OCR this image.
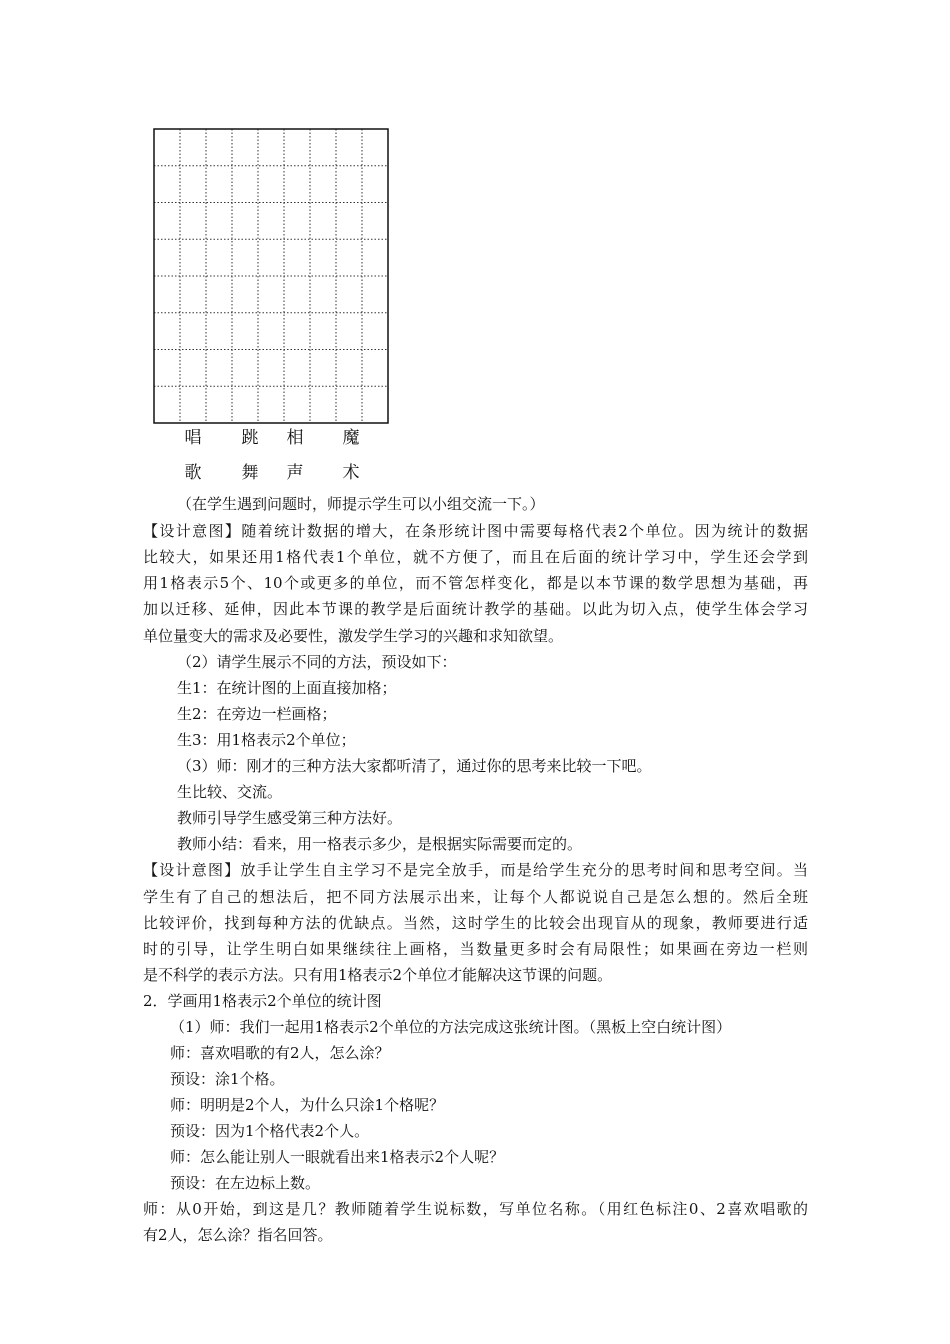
唱
歌
跳
舞
相
声
魔
术
（在学生遇到问题时，师提示学生可以小组交流一下。）
【设计意图】随着统计数据的增大，在条形统计图中需要每格代表2个单位。因为统计的数据
比较大，如果还用1格代表1个单位，就不方便了，而且在后面的统计学习中，学生还会学到
用1格表示5个、10个或更多的单位，而不管怎样变化，都是以本节课的数学思想为基础，再
加以迁移、延伸，因此本节课的教学是后面统计教学的基础。以此为切入点，使学生体会学习
单位量变大的需求及必要性，激发学生学习的兴趣和求知欲望。
（2）请学生展示不同的方法，预设如下：
生1：在统计图的上面直接加格；
生2：在旁边一栏画格；
生3：用1格表示2个单位；
（3）师：刚才的三种方法大家都听清了，通过你的思考来比较一下吧。
生比较、交流。
教师引导学生感受第三种方法好。
教师小结：看来，用一格表示多少，是根据实际需要而定的。
【设计意图】放手让学生自主学习不是完全放手，而是给学生充分的思考时间和思考空间。当
学生有了自己的想法后，把不同方法展示出来，让每个人都说说自己是怎么想的。然后全班
比较评价，找到每种方法的优缺点。当然，这时学生的比较会出现盲从的现象，教师要进行适
时的引导，让学生明白如果继续往上画格，当数量更多时会有局限性；如果画在旁边一栏则
是不科学的表示方法。只有用1格表示2个单位才能解决这节课的问题。
2．学画用1格表示2个单位的统计图
（1）师：我们一起用1格表示2个单位的方法完成这张统计图。（黑板上空白统计图）
师：喜欢唱歌的有2人，怎么涂？
预设：涂1个格。
师：明明是2个人，为什么只涂1个格呢？
预设：因为1个格代表2个人。
师：怎么能让别人一眼就看出来1格表示2个人呢？
预设：在左边标上数。
师：从0开始，到这是几？教师随着学生说标数，写单位名称。（用红色标注0、2喜欢唱歌的
有2人，怎么涂？指名回答。
